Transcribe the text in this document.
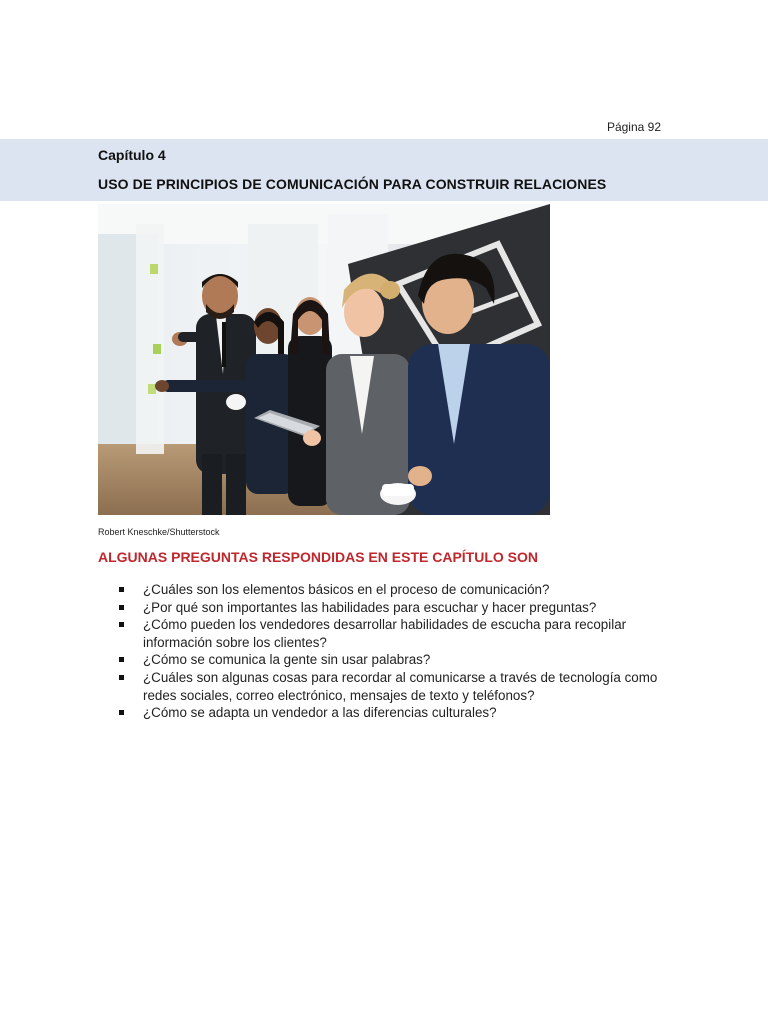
Página 92
Capítulo 4
USO DE PRINCIPIOS DE COMUNICACIÓN PARA CONSTRUIR RELACIONES
Robert Kneschke/Shutterstock
ALGUNAS PREGUNTAS RESPONDIDAS EN ESTE CAPÍTULO SON
¿Cuáles son los elementos básicos en el proceso de comunicación?
¿Por qué son importantes las habilidades para escuchar y hacer preguntas?
¿Cómo pueden los vendedores desarrollar habilidades de escucha para recopilar información sobre los clientes?
¿Cómo se comunica la gente sin usar palabras?
¿Cuáles son algunas cosas para recordar al comunicarse a través de tecnología como redes sociales, correo electrónico, mensajes de texto y teléfonos?
¿Cómo se adapta un vendedor a las diferencias culturales?
